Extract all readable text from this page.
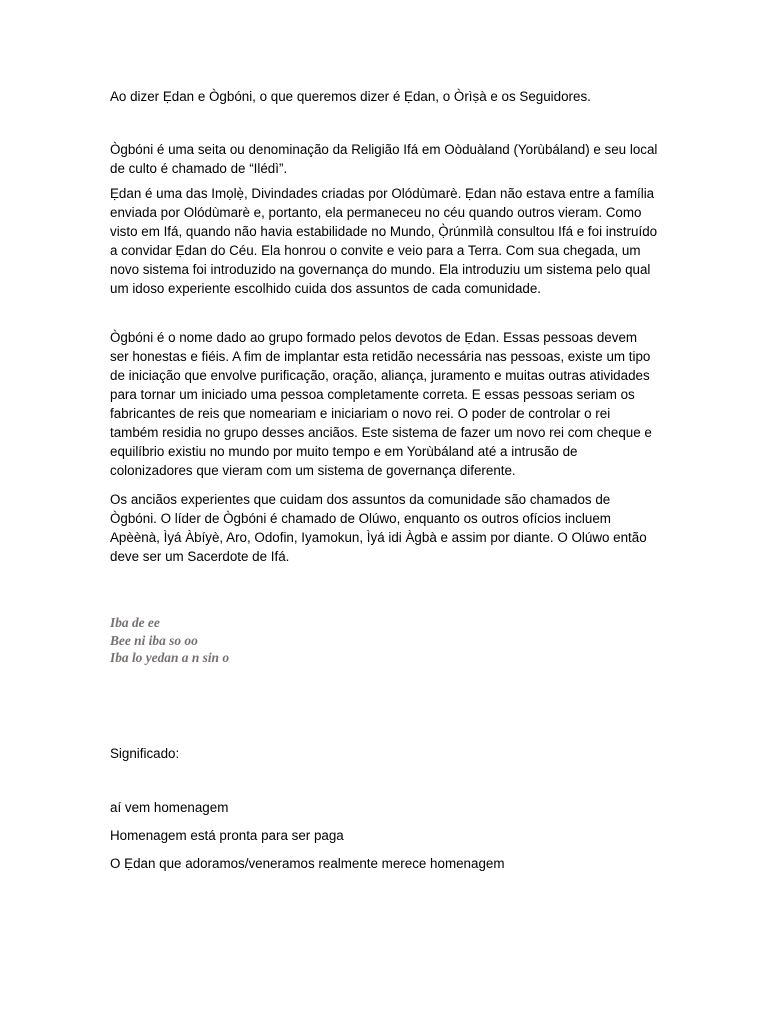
Ao dizer Ẹdan e Ògbóni, o que queremos dizer é Ẹdan, o Òrìṣà e os Seguidores.

Ògbóni é uma seita ou denominação da Religião Ifá em Oòduàland (Yorùbáland) e seu local de culto é chamado de “Ilédì”.

Ẹdan é uma das Imọlẹ̀, Divindades criadas por Olódùmarè. Ẹdan não estava entre a família enviada por Olódùmarè e, portanto, ela permaneceu no céu quando outros vieram. Como visto em Ifá, quando não havia estabilidade no Mundo, Ọ̀rúnmìlà consultou Ifá e foi instruído a convidar Ẹdan do Céu. Ela honrou o convite e veio para a Terra. Com sua chegada, um novo sistema foi introduzido na governança do mundo. Ela introduziu um sistema pelo qual um idoso experiente escolhido cuida dos assuntos de cada comunidade.

Ògbóni é o nome dado ao grupo formado pelos devotos de Ẹdan. Essas pessoas devem ser honestas e fiéis. A fim de implantar esta retidão necessária nas pessoas, existe um tipo de iniciação que envolve purificação, oração, aliança, juramento e muitas outras atividades para tornar um iniciado uma pessoa completamente correta. E essas pessoas seriam os fabricantes de reis que nomeariam e iniciariam o novo rei. O poder de controlar o rei também residia no grupo desses anciãos. Este sistema de fazer um novo rei com cheque e equilíbrio existiu no mundo por muito tempo e em Yorùbáland até a intrusão de colonizadores que vieram com um sistema de governança diferente.

Os anciãos experientes que cuidam dos assuntos da comunidade são chamados de Ògbóni. O líder de Ògbóni é chamado de Olúwo, enquanto os outros ofícios incluem Apèènà, Ìyá Àbíyè, Aro, Odofin, Iyamokun, Ìyá idi Àgbà e assim por diante. O Olúwo então deve ser um Sacerdote de Ifá.

Iba de ee
Bee ni iba so oo
Iba lo yedan a n sin o

Significado:

aí vem homenagem

Homenagem está pronta para ser paga

O Ẹdan que adoramos/veneramos realmente merece homenagem
